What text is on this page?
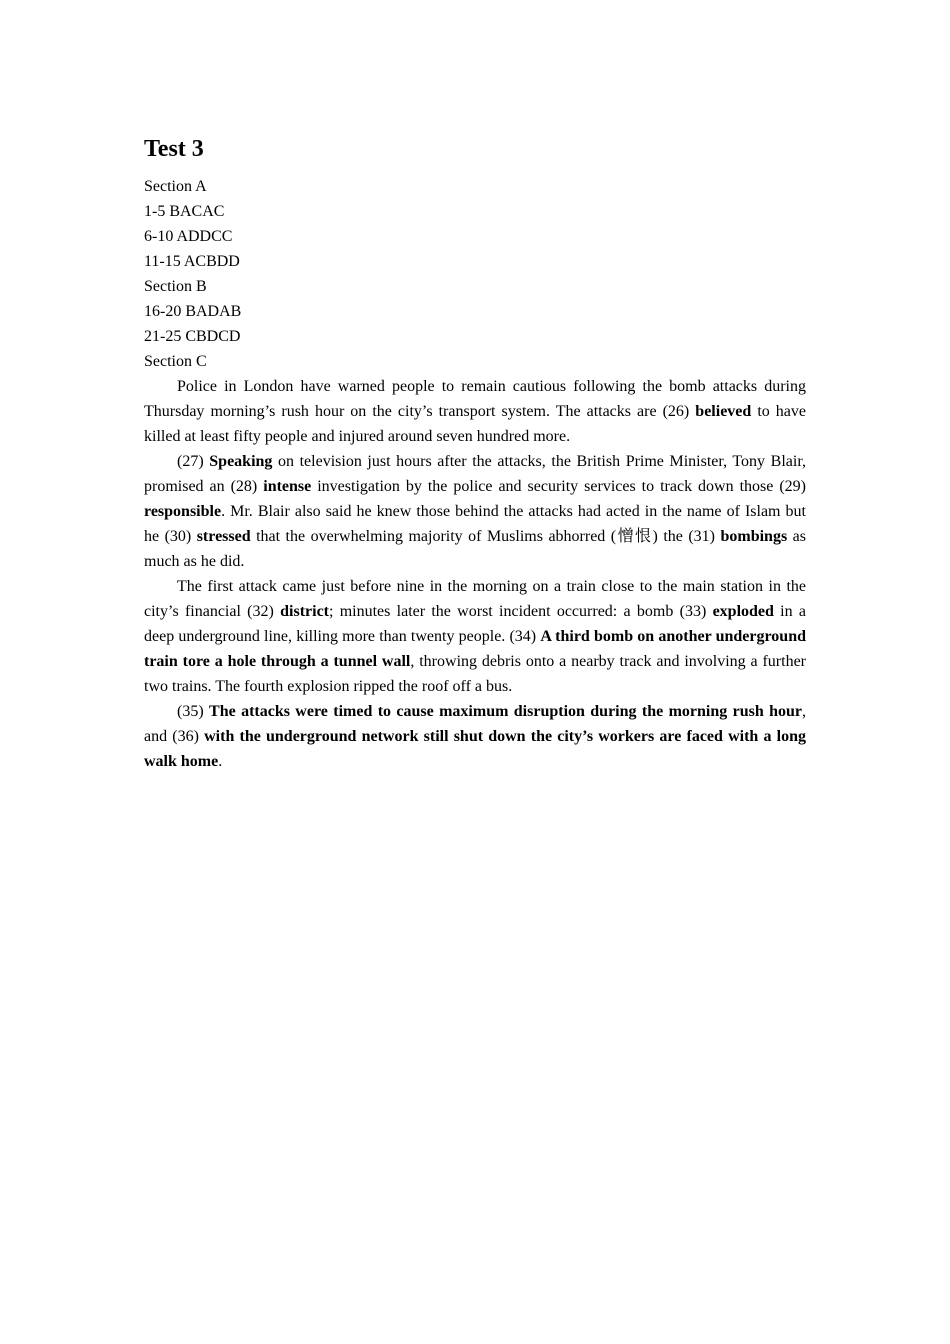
Test 3

Section A

1-5 BACAC

6-10 ADDCC

11-15 ACBDD

Section B

16-20 BADAB

21-25 CBDCD

Section C

Police in London have warned people to remain cautious following the bomb attacks during Thursday morning’s rush hour on the city’s transport system. The attacks are (26) believed to have killed at least fifty people and injured around seven hundred more.

(27) Speaking on television just hours after the attacks, the British Prime Minister, Tony Blair, promised an (28) intense investigation by the police and security services to track down those (29) responsible. Mr. Blair also said he knew those behind the attacks had acted in the name of Islam but he (30) stressed that the overwhelming majority of Muslims abhorred (憎恨) the (31) bombings as much as he did.

The first attack came just before nine in the morning on a train close to the main station in the city’s financial (32) district; minutes later the worst incident occurred: a bomb (33) exploded in a deep underground line, killing more than twenty people. (34) A third bomb on another underground train tore a hole through a tunnel wall, throwing debris onto a nearby track and involving a further two trains. The fourth explosion ripped the roof off a bus.

(35) The attacks were timed to cause maximum disruption during the morning rush hour, and (36) with the underground network still shut down the city’s workers are faced with a long walk home.
